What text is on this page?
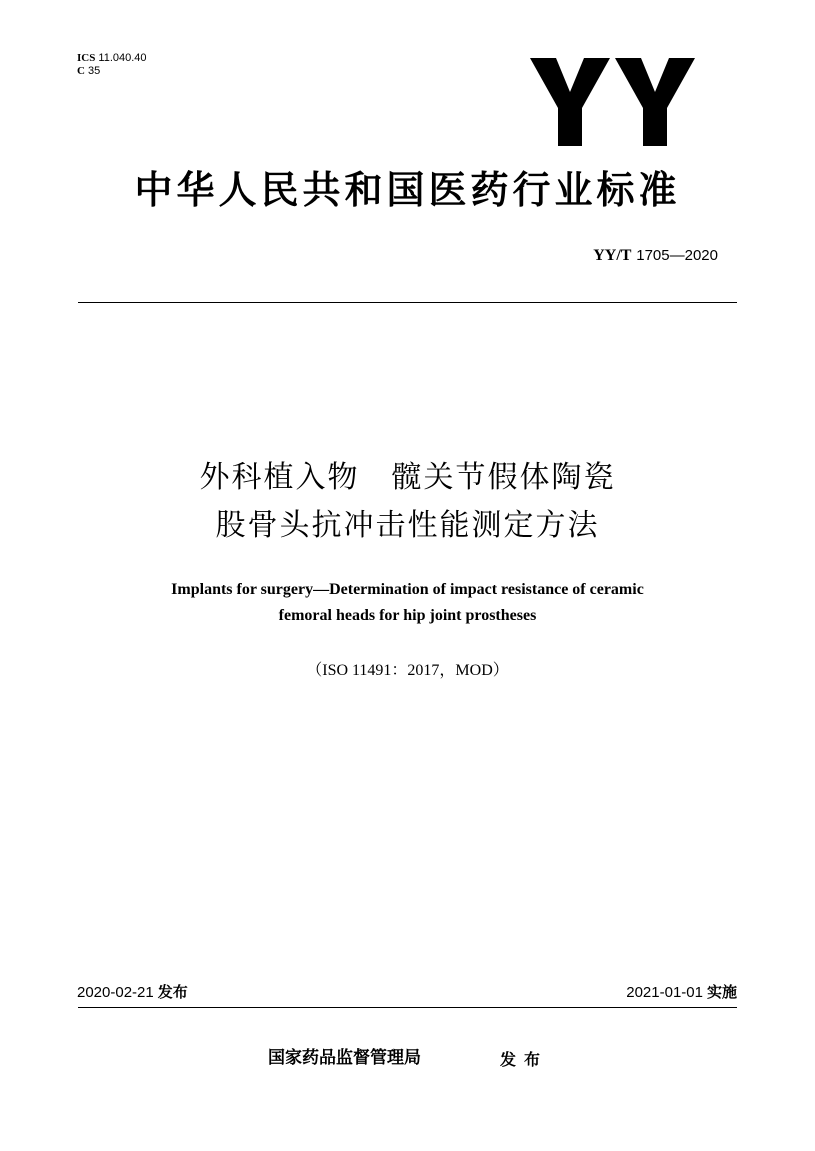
ICS 11.040.40
C 35
中华人民共和国医药行业标准
YY/T 1705—2020
外科植入物　髋关节假体陶瓷
股骨头抗冲击性能测定方法
Implants for surgery—Determination of impact resistance of ceramic
femoral heads for hip joint prostheses
（ISO 11491：2017，MOD）
2020-02-21 发布	2021-01-01 实施
国家药品监督管理局	发布
